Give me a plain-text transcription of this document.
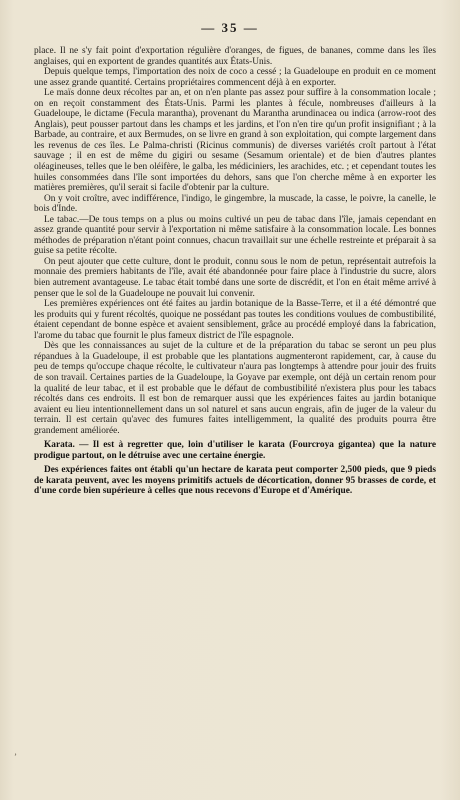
— 35 —

place. Il ne s'y fait point d'exportation régulière d'oranges, de figues, de bananes, comme dans les îles anglaises, qui en exportent de grandes quantités aux États-Unis.

Depuis quelque temps, l'importation des noix de coco a cessé ; la Guadeloupe en produit en ce moment une assez grande quantité. Certains propriétaires commencent déjà à en exporter.

Le maïs donne deux récoltes par an, et on n'en plante pas assez pour suffire à la consommation locale ; on en reçoit constamment des États-Unis. Parmi les plantes à fécule, nombreuses d'ailleurs à la Guadeloupe, le dictame (Fecula marantha), provenant du Marantha arundinacea ou indica (arrow-root des Anglais), peut pousser partout dans les champs et les jardins, et l'on n'en tire qu'un profit insignifiant ; à la Barbade, au contraire, et aux Bermudes, on se livre en grand à son exploitation, qui compte largement dans les revenus de ces îles. Le Palma-christi (Ricinus communis) de diverses variétés croît partout à l'état sauvage ; il en est de même du gigiri ou sesame (Sesamum orientale) et de bien d'autres plantes oléagineuses, telles que le ben oléifère, le galba, les médiciniers, les arachides, etc. ; et cependant toutes les huiles consommées dans l'île sont importées du dehors, sans que l'on cherche même à en exporter les matières premières, qu'il serait si facile d'obtenir par la culture.

On y voit croître, avec indifférence, l'indigo, le gingembre, la muscade, la casse, le poivre, la canelle, le bois d'Inde.

Le tabac.—De tous temps on a plus ou moins cultivé un peu de tabac dans l'île, jamais cependant en assez grande quantité pour servir à l'exportation ni même satisfaire à la consommation locale. Les bonnes méthodes de préparation n'étant point connues, chacun travaillait sur une échelle restreinte et préparait à sa guise sa petite récolte.

On peut ajouter que cette culture, dont le produit, connu sous le nom de petun, représentait autrefois la monnaie des premiers habitants de l'île, avait été abandonnée pour faire place à l'industrie du sucre, alors bien autrement avantageuse. Le tabac était tombé dans une sorte de discrédit, et l'on en était même arrivé à penser que le sol de la Guadeloupe ne pouvait lui convenir.

Les premières expériences ont été faites au jardin botanique de la Basse-Terre, et il a été démontré que les produits qui y furent récoltés, quoique ne possédant pas toutes les conditions voulues de combustibilité, étaient cependant de bonne espèce et avaient sensiblement, grâce au procédé employé dans la fabrication, l'arome du tabac que fournit le plus fameux district de l'île espagnole.

Dès que les connaissances au sujet de la culture et de la préparation du tabac se seront un peu plus répandues à la Guadeloupe, il est probable que les plantations augmenteront rapidement, car, à cause du peu de temps qu'occupe chaque récolte, le cultivateur n'aura pas longtemps à attendre pour jouir des fruits de son travail. Certaines parties de la Guadeloupe, la Goyave par exemple, ont déjà un certain renom pour la qualité de leur tabac, et il est probable que le défaut de combustibilité n'existera plus pour les tabacs récoltés dans ces endroits. Il est bon de remarquer aussi que les expériences faites au jardin botanique avaient eu lieu intentionnellement dans un sol naturel et sans aucun engrais, afin de juger de la valeur du terrain. Il est certain qu'avec des fumures faites intelligemment, la qualité des produits pourra être grandement améliorée.

Karata. — Il est à regretter que, loin d'utiliser le karata (Fourcroya gigantea) que la nature prodigue partout, on le détruise avec une certaine énergie.

Des expériences faites ont établi qu'un hectare de karata peut comporter 2,500 pieds, que 9 pieds de karata peuvent, avec les moyens primitifs actuels de décortication, donner 95 brasses de corde, et d'une corde bien supérieure à celles que nous recevons d'Europe et d'Amérique.

ʼ
